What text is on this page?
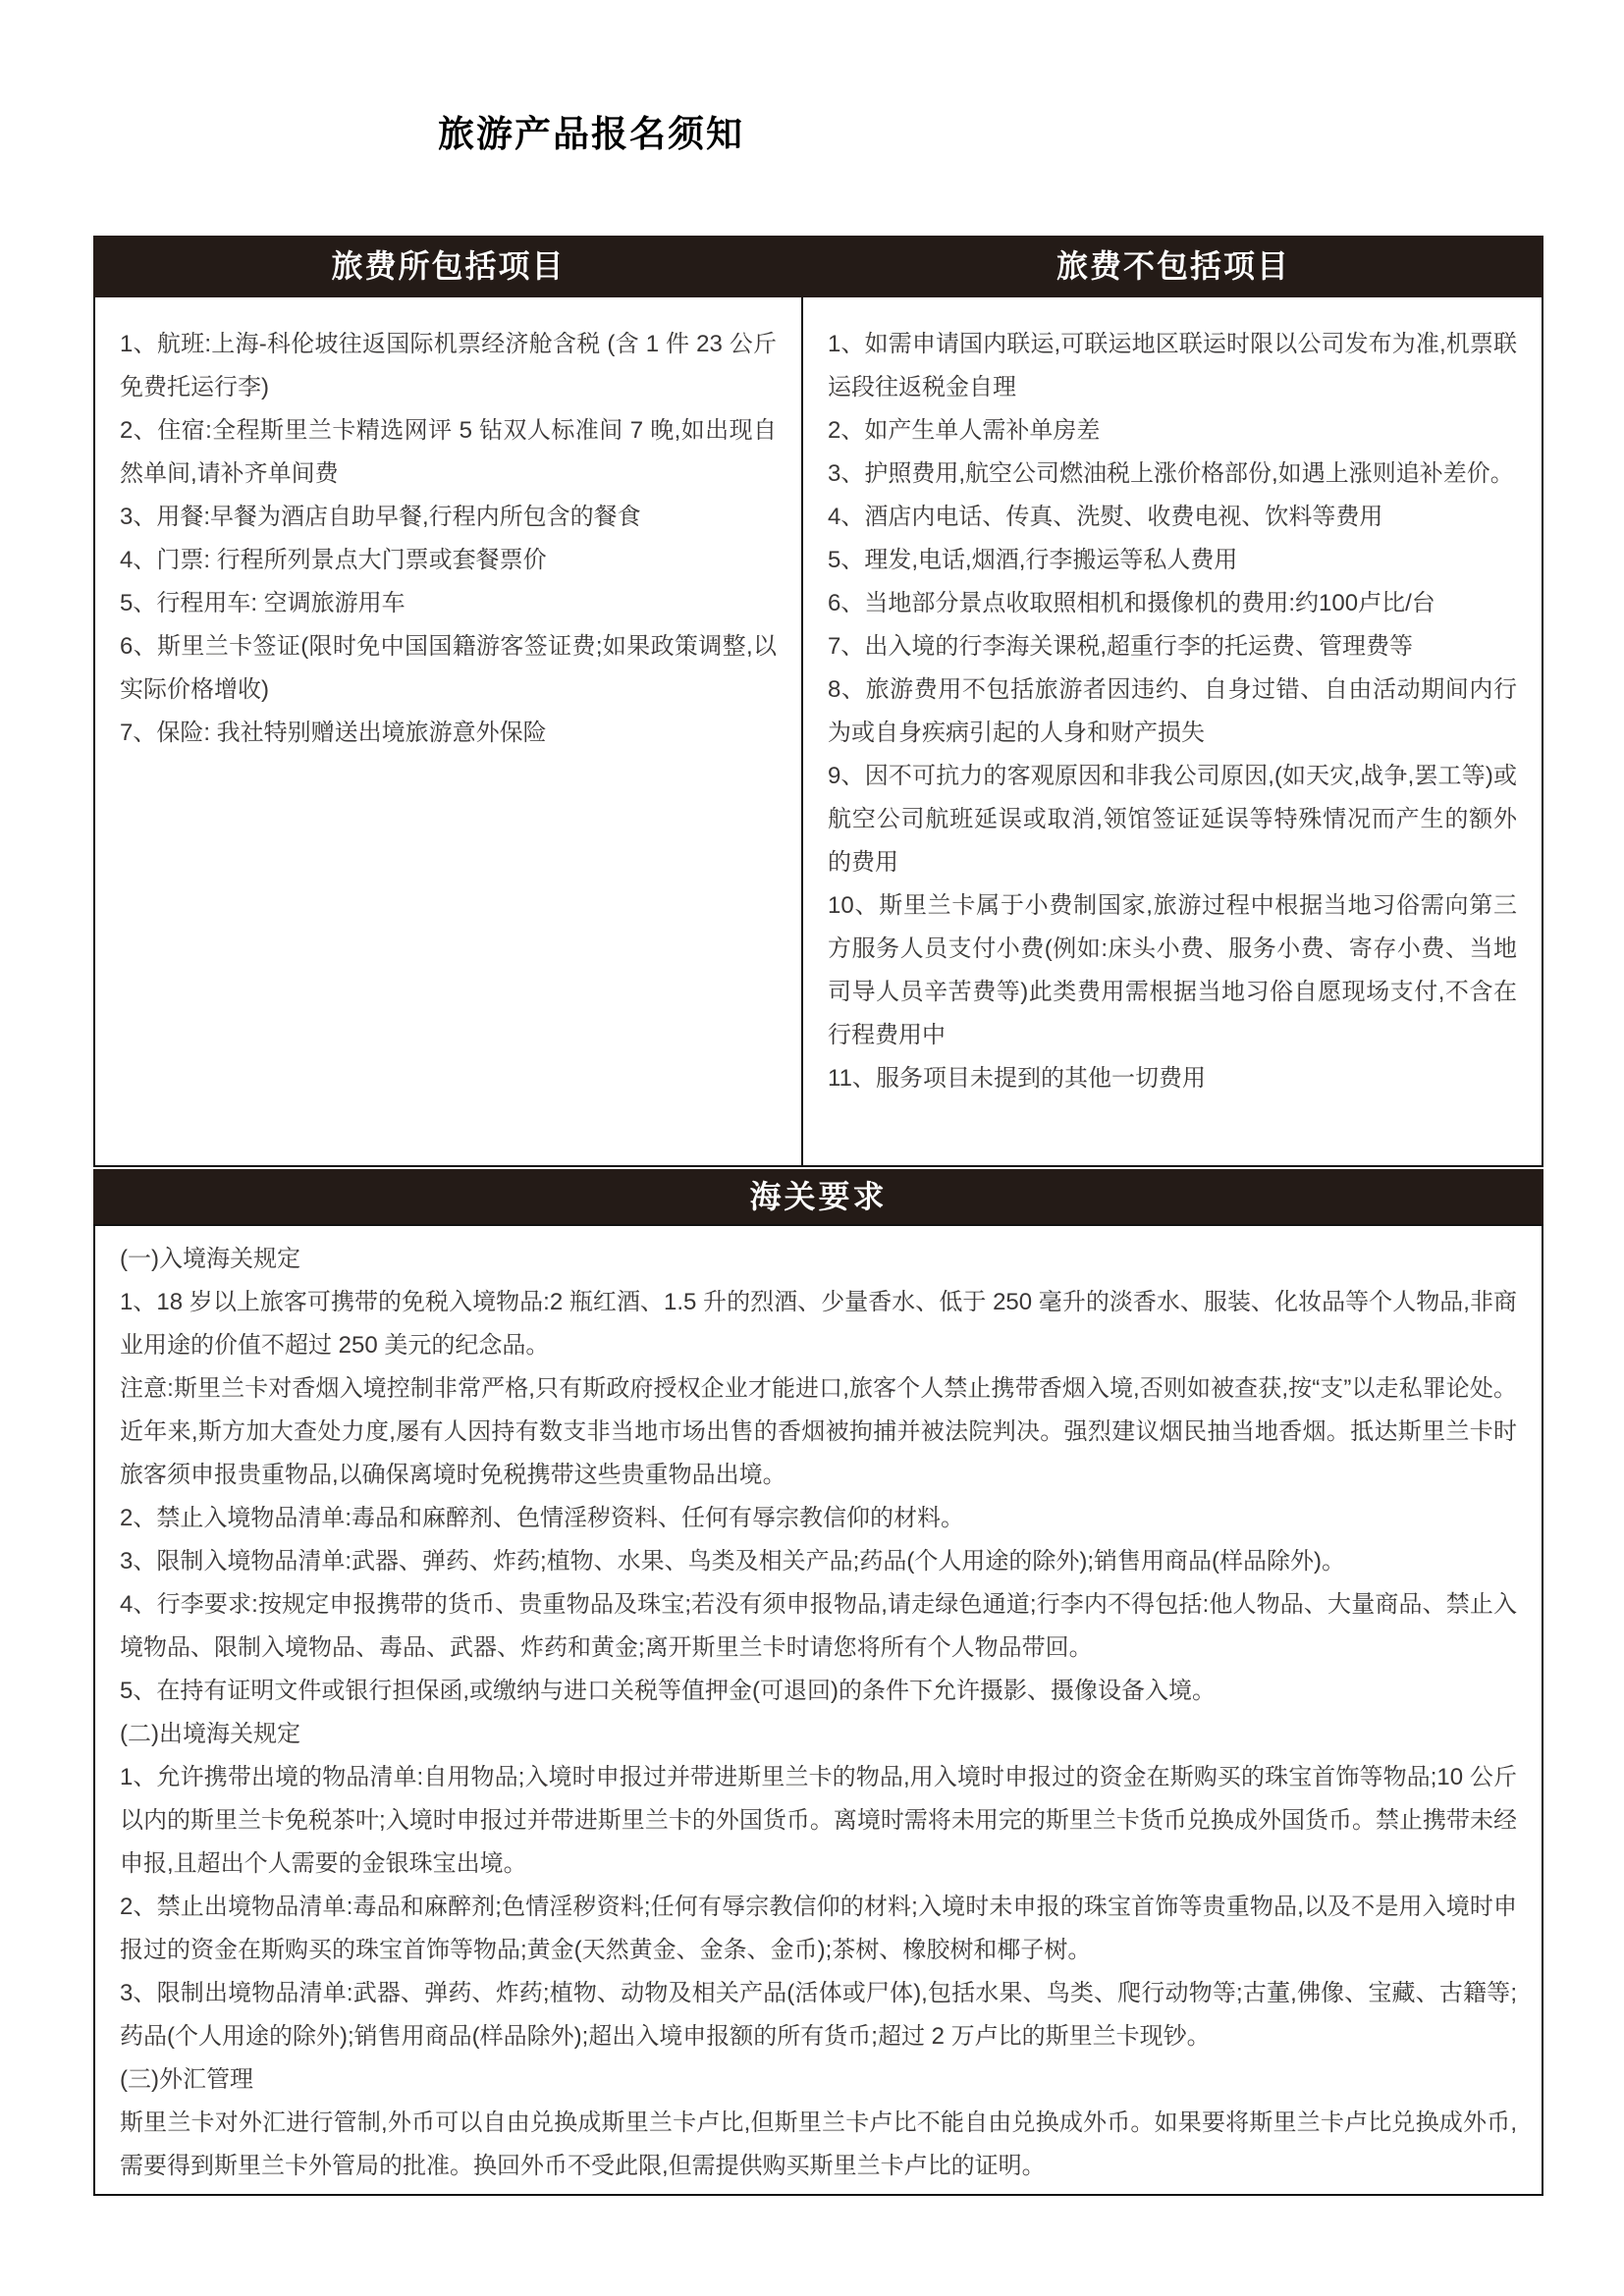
旅游产品报名须知
旅费所包括项目	旅费不包括项目

1、航班:上海-科伦坡往返国际机票经济舱含税 (含 1 件 23 公斤免费托运行李)

2、住宿:全程斯里兰卡精选网评 5 钻双人标准间 7 晚,如出现自然单间,请补齐单间费

3、用餐:早餐为酒店自助早餐,行程内所包含的餐食

4、门票: 行程所列景点大门票或套餐票价

5、行程用车: 空调旅游用车

6、斯里兰卡签证(限时免中国国籍游客签证费;如果政策调整,以实际价格增收)

7、保险: 我社特别赠送出境旅游意外保险

1、如需申请国内联运,可联运地区联运时限以公司发布为准,机票联运段往返税金自理

2、如产生单人需补单房差

3、护照费用,航空公司燃油税上涨价格部份,如遇上涨则追补差价。

4、酒店内电话、传真、洗熨、收费电视、饮料等费用

5、理发,电话,烟酒,行李搬运等私人费用

6、当地部分景点收取照相机和摄像机的费用:约100卢比/台

7、出入境的行李海关课税,超重行李的托运费、管理费等

8、旅游费用不包括旅游者因违约、自身过错、自由活动期间内行为或自身疾病引起的人身和财产损失

9、因不可抗力的客观原因和非我公司原因,(如天灾,战争,罢工等)或航空公司航班延误或取消,领馆签证延误等特殊情况而产生的额外的费用

10、斯里兰卡属于小费制国家,旅游过程中根据当地习俗需向第三方服务人员支付小费(例如:床头小费、服务小费、寄存小费、当地司导人员辛苦费等)此类费用需根据当地习俗自愿现场支付,不含在行程费用中

11、服务项目未提到的其他一切费用

海关要求

(一)入境海关规定

1、18 岁以上旅客可携带的免税入境物品:2 瓶红酒、1.5 升的烈酒、少量香水、低于 250 毫升的淡香水、服装、化妆品等个人物品,非商业用途的价值不超过 250 美元的纪念品。

注意:斯里兰卡对香烟入境控制非常严格,只有斯政府授权企业才能进口,旅客个人禁止携带香烟入境,否则如被查获,按“支”以走私罪论处。近年来,斯方加大查处力度,屡有人因持有数支非当地市场出售的香烟被拘捕并被法院判决。强烈建议烟民抽当地香烟。抵达斯里兰卡时旅客须申报贵重物品,以确保离境时免税携带这些贵重物品出境。

2、禁止入境物品清单:毒品和麻醉剂、色情淫秽资料、任何有辱宗教信仰的材料。

3、限制入境物品清单:武器、弹药、炸药;植物、水果、鸟类及相关产品;药品(个人用途的除外);销售用商品(样品除外)。

4、行李要求:按规定申报携带的货币、贵重物品及珠宝;若没有须申报物品,请走绿色通道;行李内不得包括:他人物品、大量商品、禁止入境物品、限制入境物品、毒品、武器、炸药和黄金;离开斯里兰卡时请您将所有个人物品带回。

5、在持有证明文件或银行担保函,或缴纳与进口关税等值押金(可退回)的条件下允许摄影、摄像设备入境。

(二)出境海关规定

1、允许携带出境的物品清单:自用物品;入境时申报过并带进斯里兰卡的物品,用入境时申报过的资金在斯购买的珠宝首饰等物品;10 公斤以内的斯里兰卡免税茶叶;入境时申报过并带进斯里兰卡的外国货币。离境时需将未用完的斯里兰卡货币兑换成外国货币。禁止携带未经申报,且超出个人需要的金银珠宝出境。

2、禁止出境物品清单:毒品和麻醉剂;色情淫秽资料;任何有辱宗教信仰的材料;入境时未申报的珠宝首饰等贵重物品,以及不是用入境时申报过的资金在斯购买的珠宝首饰等物品;黄金(天然黄金、金条、金币);茶树、橡胶树和椰子树。

3、限制出境物品清单:武器、弹药、炸药;植物、动物及相关产品(活体或尸体),包括水果、鸟类、爬行动物等;古董,佛像、宝藏、古籍等;药品(个人用途的除外);销售用商品(样品除外);超出入境申报额的所有货币;超过 2 万卢比的斯里兰卡现钞。

(三)外汇管理

斯里兰卡对外汇进行管制,外币可以自由兑换成斯里兰卡卢比,但斯里兰卡卢比不能自由兑换成外币。如果要将斯里兰卡卢比兑换成外币,需要得到斯里兰卡外管局的批准。换回外币不受此限,但需提供购买斯里兰卡卢比的证明。
